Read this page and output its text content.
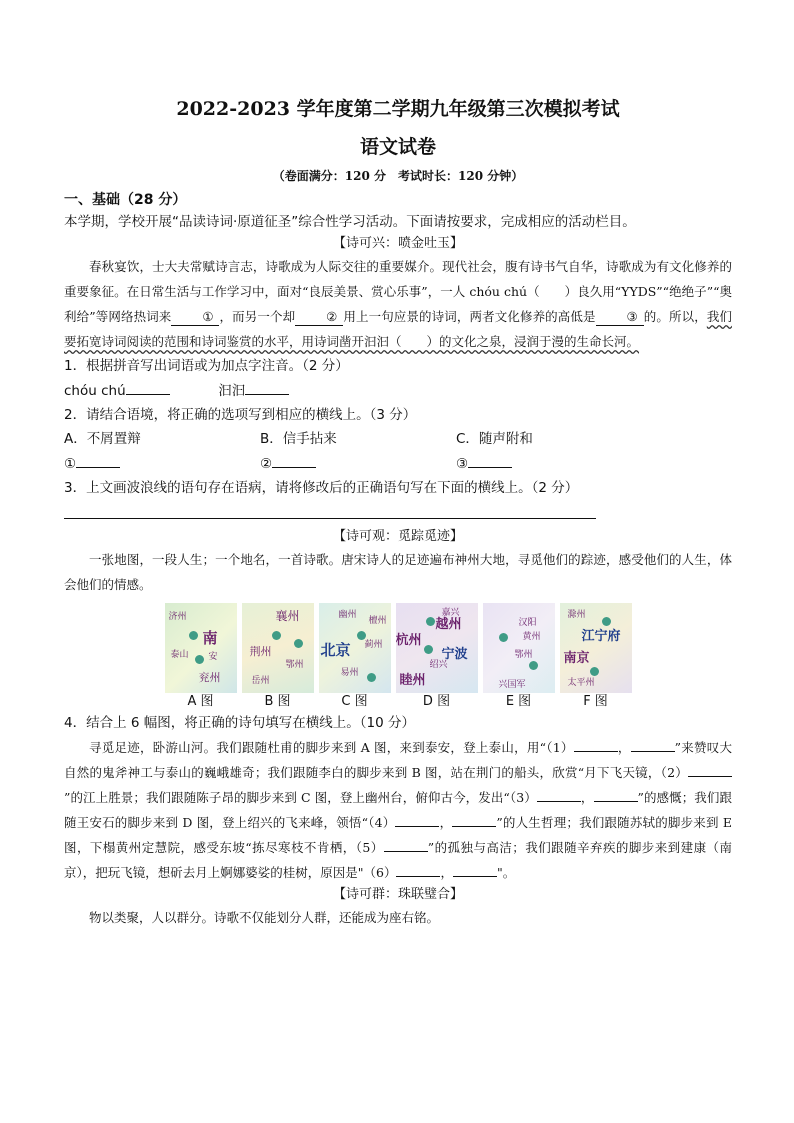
2022-2023 学年度第二学期九年级第三次模拟考试
语文试卷
（卷面满分：120 分　考试时长：120 分钟）
一、基础（28 分）
本学期，学校开展“品读诗词·原道征圣”综合性学习活动。下面请按要求，完成相应的活动栏目。
【诗可兴：喷金吐玉】

春秋宴饮，士大夫常赋诗言志，诗歌成为人际交往的重要媒介。现代社会，腹有诗书气自华，诗歌成为有文化修养的重要象征。在日常生活与工作学习中，面对“良辰美景、赏心乐事”，一人 chóu chú（　　）良久用“YYDS”“绝绝子”“奥利给”等网络热词来 ① ，而另一个却 ② 用上一句应景的诗词，两者文化修养的高低是 ③ 的。所以，我们要拓宽诗词阅读的范围和诗词鉴赏的水平，用诗词凿开汩汩（　　）的文化之泉，浸润于漫的生命长河。

1．根据拼音写出词语或为加点字注音。（2 分）
chóu chú	汩汩
2．请结合语境，将正确的选项写到相应的横线上。（3 分）
A．不屑置辩	B．信手拈来	C．随声附和
①	②	③
3．上文画波浪线的语句存在语病，请将修改后的正确语句写在下面的横线上。（2 分）
【诗可观：觅踪觅迹】

一张地图，一段人生；一个地名，一首诗歌。唐宋诗人的足迹遍布神州大地，寻觅他们的踪迹，感受他们的人生，体会他们的情感。

济州
南
安
兖州
泰山
襄州
荆州
岳州
鄂州
幽州
檀州
北京 蓟州
易州
杭州
越州
嘉兴
绍兴
宁波
睦州
汉阳
黄州
鄂州
兴国军
滁州
江宁府
南京
太平州
A 图	B 图	C 图	D 图	E 图	F 图
4．结合上 6 幅图，将正确的诗句填写在横线上。（10 分）

寻觅足迹，卧游山河。我们跟随杜甫的脚步来到 A 图，来到泰安，登上泰山，用“（1）	，	”来赞叹大自然的鬼斧神工与泰山的巍峨雄奇；我们跟随李白的脚步来到 B 图，站在荆门的船头，欣赏“月下飞天镜，（2）”的江上胜景；我们跟随陈子昂的脚步来到 C 图，登上幽州台，俯仰古今，发出“（3）	，	”的感慨；我们跟随王安石的脚步来到 D 图，登上绍兴的飞来峰，领悟“（4）	，	”的人生哲理；我们跟随苏轼的脚步来到 E 图，下榻黄州定慧院，感受东坡“拣尽寒枝不肯栖，（5）	”的孤独与高洁；我们跟随辛弃疾的脚步来到建康（南京），把玩飞镜，想斫去月上婀娜婆娑的桂树，原因是"（6）	，	"。

【诗可群：珠联璧合】

物以类聚，人以群分。诗歌不仅能划分人群，还能成为座右铭。
